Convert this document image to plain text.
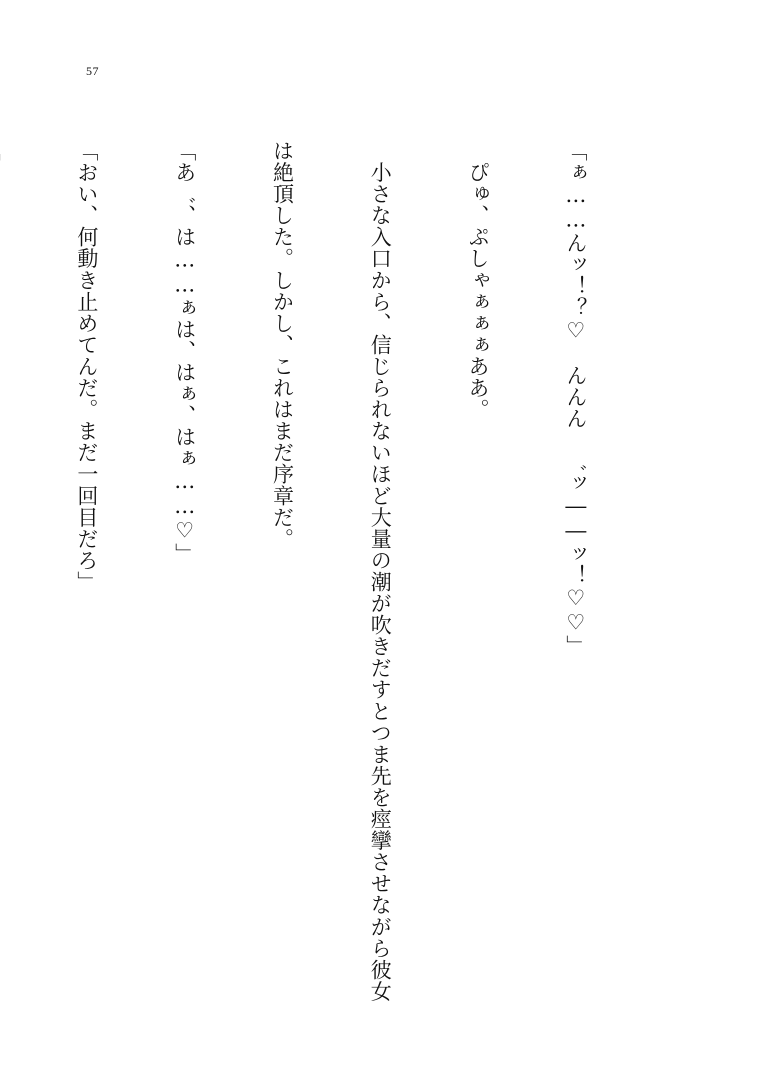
57

「ぁ……んッ！？♡　んんん　゛ッ――ッ！♡♡」

　ぴゅ、ぷしゃぁぁぁああ。

　小さな入口から、信じられないほど大量の潮が吹きだすとつま先を痙攣させながら彼女

は絶頂した。しかし、これはまだ序章だ。

「あ゛、は……ぁは、はぁ、はぁ……♡」

「おい、何動き止めてんだ。まだ一回目だろ」
